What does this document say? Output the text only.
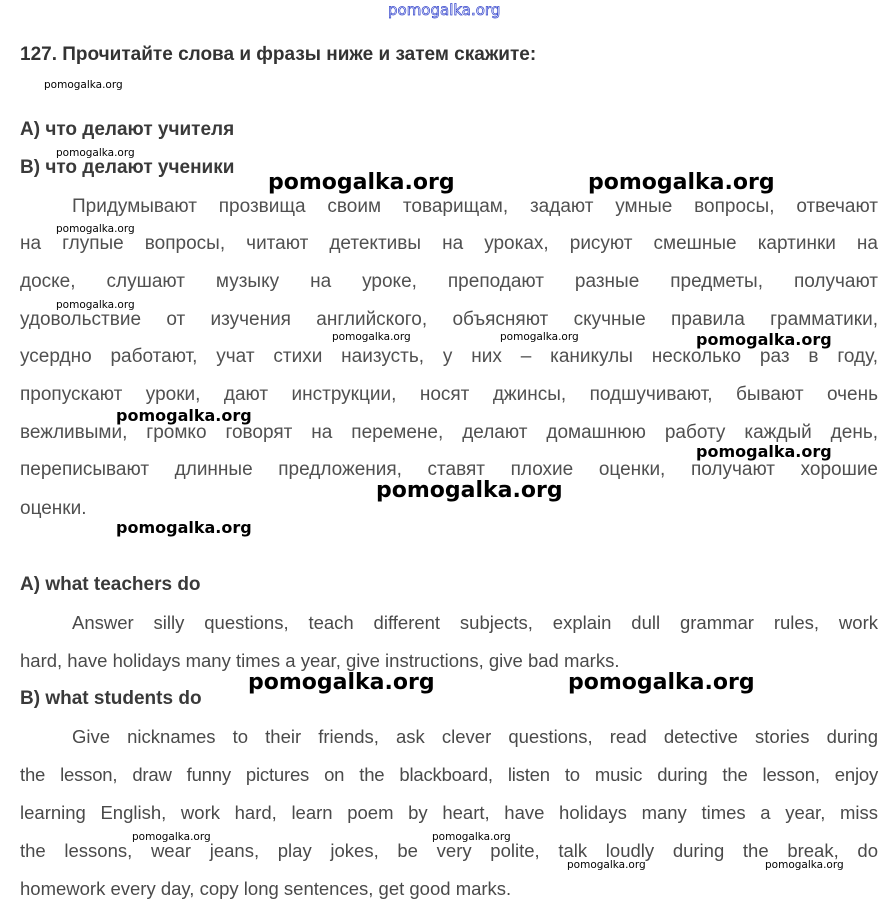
pomogalka.org
127. Прочитайте слова и фразы ниже и затем скажите:
А) что делают учителя
В) что делают ученики
Придумывают прозвища своим товарищам, задают умные вопросы, отвечают
на глупые вопросы, читают детективы на уроках, рисуют смешные картинки на
доске, слушают музыку на уроке, преподают разные предметы, получают
удовольствие от изучения английского, объясняют скучные правила грамматики,
усердно работают, учат стихи наизусть, у них – каникулы несколько раз в году,
пропускают уроки, дают инструкции, носят джинсы, подшучивают, бывают очень
вежливыми, громко говорят на перемене, делают домашнюю работу каждый день,
переписывают длинные предложения, ставят плохие оценки, получают хорошие
оценки.
A) what teachers do
Answer silly questions, teach different subjects, explain dull grammar rules, work
hard, have holidays many times a year, give instructions, give bad marks.
B) what students do
Give nicknames to their friends, ask clever questions, read detective stories during
the lesson, draw funny pictures on the blackboard, listen to music during the lesson, enjoy
learning English, work hard, learn poem by heart, have holidays many times a year, miss
the lessons, wear jeans, play jokes, be very polite, talk loudly during the break, do
homework every day, copy long sentences, get good marks.
pomogalka.org
pomogalka.org
pomogalka.org
pomogalka.org
pomogalka.org	pomogalka.org
pomogalka.org	pomogalka.org
pomogalka.org	pomogalka.org
pomogalka.org
pomogalka.org
pomogalka.org
pomogalka.org
pomogalka.org	pomogalka.org
pomogalka.org
pomogalka.org	pomogalka.org
